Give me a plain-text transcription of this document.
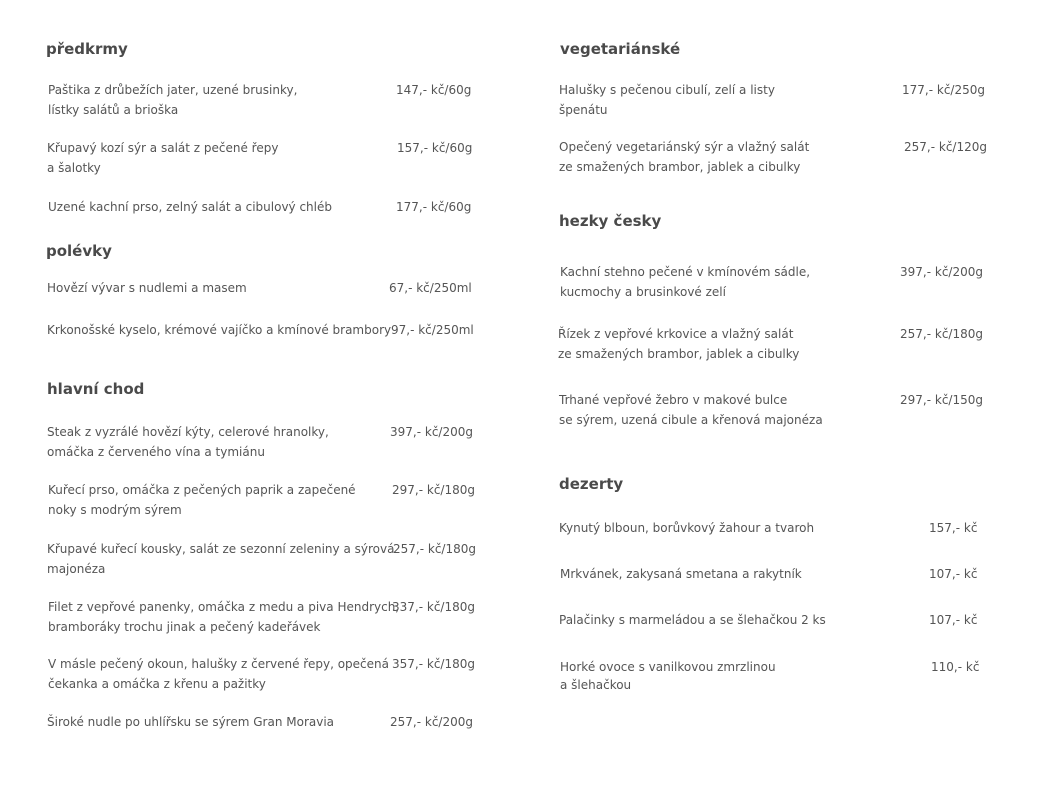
předkrmy
Paštika z drůbežích jater, uzené brusinky,
lístky salátů a brioška
147,- kč/60g
Křupavý kozí sýr a salát z pečené řepy
a šalotky
157,- kč/60g
Uzené kachní prso, zelný salát a cibulový chléb	177,- kč/60g
polévky
Hovězí vývar s nudlemi a masem	67,- kč/250ml
Krkonošské kyselo, krémové vajíčko a kmínové brambory 97,- kč/250ml
hlavní chod
Steak z vyzrálé hovězí kýty, celerové hranolky,
omáčka z červeného vína a tymiánu
397,- kč/200g
Kuřecí prso, omáčka z pečených paprik a zapečené
noky s modrým sýrem
297,- kč/180g
Křupavé kuřecí kousky, salát ze sezonní zeleniny a sýrová
majonéza
257,- kč/180g
Filet z vepřové panenky, omáčka z medu a piva Hendrych,
bramboráky trochu jinak a pečený kadeřávek
337,- kč/180g
V másle pečený okoun, halušky z červené řepy, opečená
čekanka a omáčka z křenu a pažitky
357,- kč/180g
Široké nudle po uhlířsku se sýrem Gran Moravia	257,- kč/200g
vegetariánské
Halušky s pečenou cibulí, zelí a listy
špenátu
177,- kč/250g
Opečený vegetariánský sýr a vlažný salát
ze smažených brambor, jablek a cibulky
257,- kč/120g
hezky česky
Kachní stehno pečené v kmínovém sádle,
kucmochy a brusinkové zelí
397,- kč/200g
Řízek z vepřové krkovice a vlažný salát
ze smažených brambor, jablek a cibulky
257,- kč/180g
Trhané vepřové žebro v makové bulce
se sýrem, uzená cibule a křenová majonéza
297,- kč/150g
dezerty
Kynutý blboun, borůvkový žahour a tvaroh	157,- kč
Mrkvánek, zakysaná smetana a rakytník	107,- kč
Palačinky s marmeládou a se šlehačkou 2 ks	107,- kč
Horké ovoce s vanilkovou zmrzlinou
a šlehačkou
110,- kč
